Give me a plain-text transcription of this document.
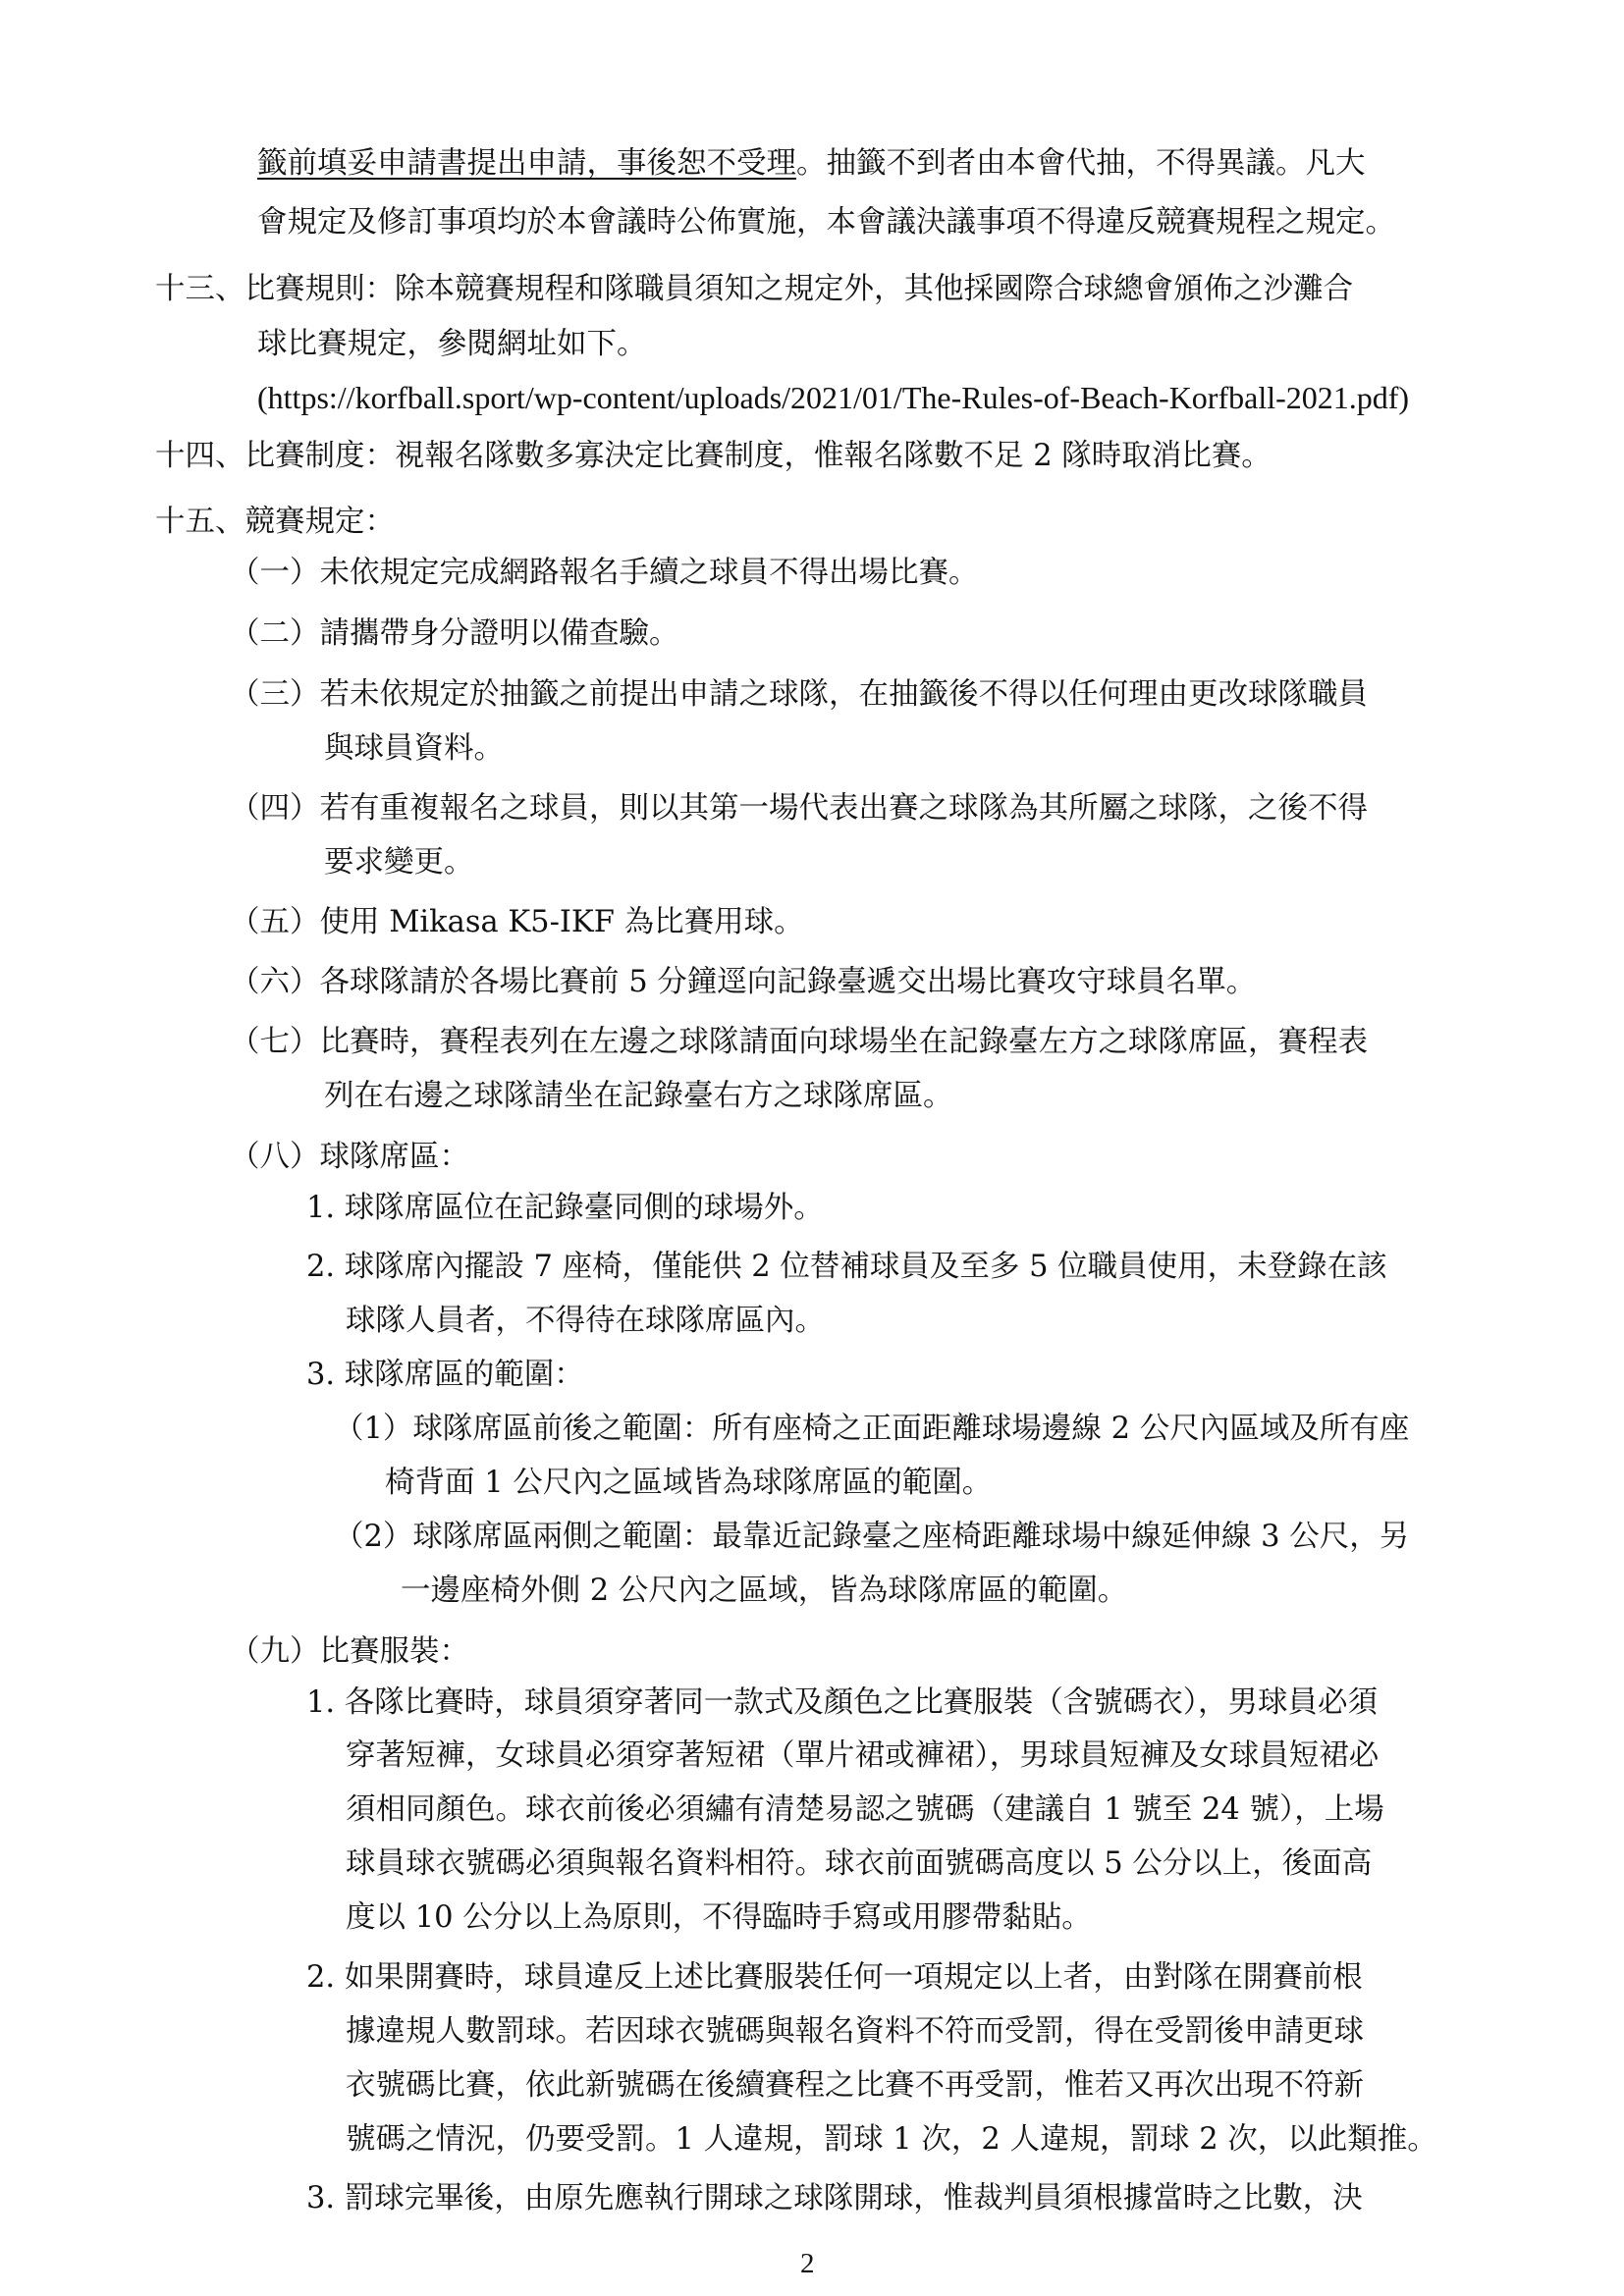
籤前填妥申請書提出申請，事後恕不受理。抽籤不到者由本會代抽，不得異議。凡大
會規定及修訂事項均於本會議時公佈實施，本會議決議事項不得違反競賽規程之規定。
十三、比賽規則：除本競賽規程和隊職員須知之規定外，其他採國際合球總會頒佈之沙灘合
球比賽規定，參閱網址如下。
(https://korfball.sport/wp-content/uploads/2021/01/The-Rules-of-Beach-Korfball-2021.pdf)
十四、比賽制度：視報名隊數多寡決定比賽制度，惟報名隊數不足 2 隊時取消比賽。
十五、競賽規定：
（一）未依規定完成網路報名手續之球員不得出場比賽。
（二）請攜帶身分證明以備查驗。
（三）若未依規定於抽籤之前提出申請之球隊，在抽籤後不得以任何理由更改球隊職員
與球員資料。
（四）若有重複報名之球員，則以其第一場代表出賽之球隊為其所屬之球隊，之後不得
要求變更。
（五）使用 Mikasa K5-IKF 為比賽用球。
（六）各球隊請於各場比賽前 5 分鐘逕向記錄臺遞交出場比賽攻守球員名單。
（七）比賽時，賽程表列在左邊之球隊請面向球場坐在記錄臺左方之球隊席區，賽程表
列在右邊之球隊請坐在記錄臺右方之球隊席區。
（八）球隊席區：
1. 球隊席區位在記錄臺同側的球場外。
2. 球隊席內擺設 7 座椅，僅能供 2 位替補球員及至多 5 位職員使用，未登錄在該
球隊人員者，不得待在球隊席區內。
3. 球隊席區的範圍：
（1）球隊席區前後之範圍：所有座椅之正面距離球場邊線 2 公尺內區域及所有座
椅背面 1 公尺內之區域皆為球隊席區的範圍。
（2）球隊席區兩側之範圍：最靠近記錄臺之座椅距離球場中線延伸線 3 公尺，另
一邊座椅外側 2 公尺內之區域，皆為球隊席區的範圍。
（九）比賽服裝：
1. 各隊比賽時，球員須穿著同一款式及顏色之比賽服裝（含號碼衣），男球員必須
穿著短褲，女球員必須穿著短裙（單片裙或褲裙），男球員短褲及女球員短裙必
須相同顏色。球衣前後必須繡有清楚易認之號碼（建議自 1 號至 24 號），上場
球員球衣號碼必須與報名資料相符。球衣前面號碼高度以 5 公分以上，後面高
度以 10 公分以上為原則，不得臨時手寫或用膠帶黏貼。
2. 如果開賽時，球員違反上述比賽服裝任何一項規定以上者，由對隊在開賽前根
據違規人數罰球。若因球衣號碼與報名資料不符而受罰，得在受罰後申請更球
衣號碼比賽，依此新號碼在後續賽程之比賽不再受罰，惟若又再次出現不符新
號碼之情況，仍要受罰。1 人違規，罰球 1 次，2 人違規，罰球 2 次，以此類推。
3. 罰球完畢後，由原先應執行開球之球隊開球，惟裁判員須根據當時之比數，決
2
